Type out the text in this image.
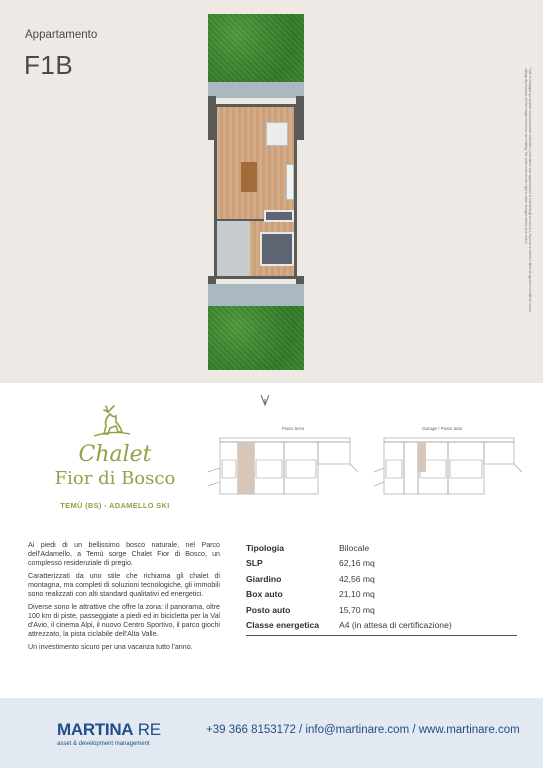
Appartamento
F1B
Tutte le immagini qui riportate sono puramente indicative e potrebbero non rappresentare la totalità degli accessori. L'Impresa si riserva il diritto di apportare modifiche senza obbligo di preavviso. All the images herein are not binding. The seller reserves the right to make changes without prior notice.
Chalet
Fior di Bosco
TEMÙ (BS) - ADAMELLO SKI
Piano terra	Garage / Posto auto

Ai piedi di un bellissimo bosco naturale, nel Parco dell'Adamello, a Temù sorge Chalet Fior di Bosco, un complesso residenziale di pregio.

Caratterizzati da uno stile che richiama gli chalet di montagna, ma completi di soluzioni tecnologiche, gli immobili sono realizzati con alti standard qualitativi ed energetici.

Diverse sono le attrattive che offre la zona: il panorama, oltre 100 km di piste, passeggiate a piedi ed in bicicletta per la Val d'Avio, il cinema Alpi, il nuovo Centro Sportivo, il parco giochi attrezzato, la pista ciclabile dell'Alta Valle.

Un investimento sicuro per una vacanza tutto l'anno.

Tipologia	Bilocale
SLP	62,16 mq
Giardino	42,56 mq
Box auto	21,10 mq
Posto auto	15,70 mq
Classe energetica	A4 (in attesa di certificazione)
MARTINA RE
asset & development management
+39 366 8153172 / info@martinare.com / www.martinare.com
